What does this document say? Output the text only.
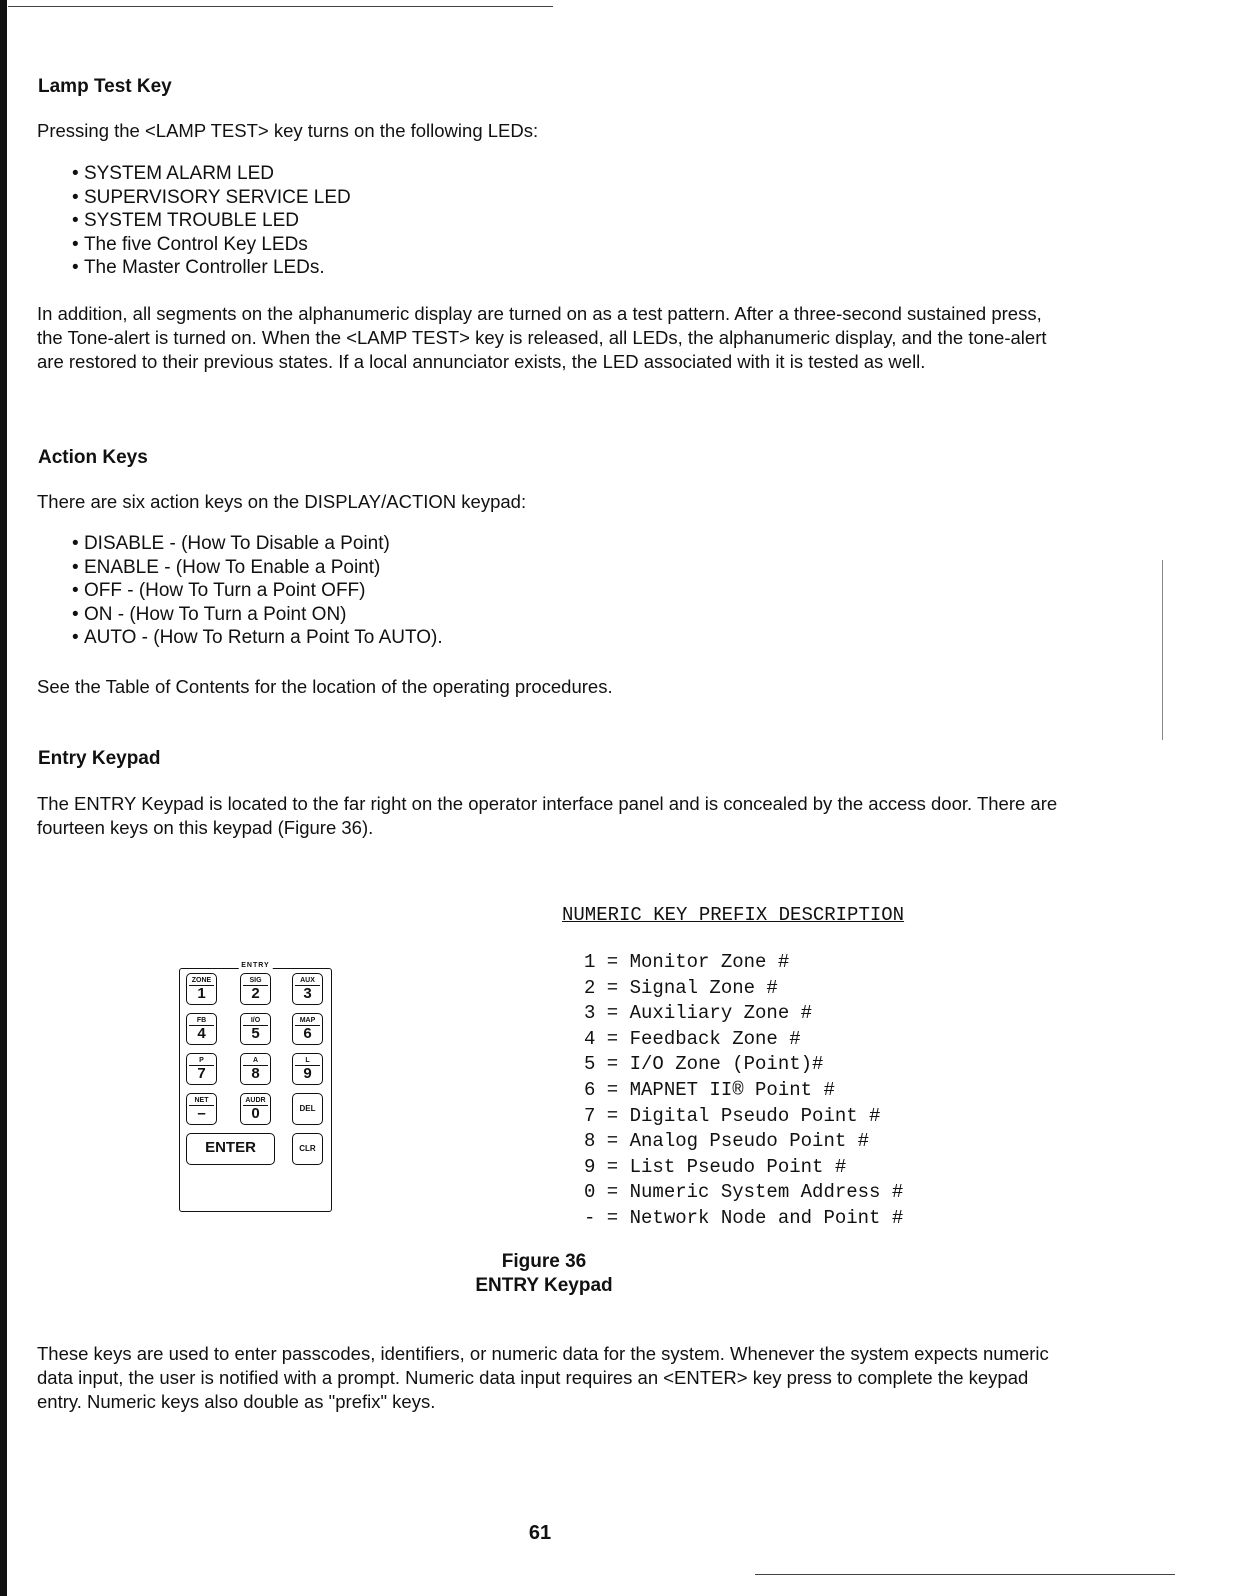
Lamp Test Key

Pressing the <LAMP TEST> key turns on the following LEDs:

• SYSTEM ALARM LED
• SUPERVISORY SERVICE LED
• SYSTEM TROUBLE LED
• The five Control Key LEDs
• The Master Controller LEDs.

In addition, all segments on the alphanumeric display are turned on as a test pattern. After a three-second sustained press, the Tone-alert is turned on. When the <LAMP TEST> key is released, all LEDs, the alphanumeric display, and the tone-alert are restored to their previous states. If a local annunciator exists, the LED associated with it is tested as well.

Action Keys

There are six action keys on the DISPLAY/ACTION keypad:

• DISABLE - (How To Disable a Point)
• ENABLE - (How To Enable a Point)
• OFF - (How To Turn a Point OFF)
• ON - (How To Turn a Point ON)
• AUTO - (How To Return a Point To AUTO).

See the Table of Contents for the location of the operating procedures.

Entry Keypad

The ENTRY Keypad is located to the far right on the operator interface panel and is concealed by the access door. There are fourteen keys on this keypad (Figure 36).

ENTRY
ZONE
1
SIG
2
AUX
3
FB
4
I/O
5
MAP
6
P
7
A
8
L
9
NET
–
AUDR
0	DEL
ENTER	CLR
NUMERIC KEY PREFIX DESCRIPTION
1 = Monitor Zone #
2 = Signal Zone #
3 = Auxiliary Zone #
4 = Feedback Zone #
5 = I/O Zone (Point)#
6 = MAPNET II® Point #
7 = Digital Pseudo Point #
8 = Analog Pseudo Point #
9 = List Pseudo Point #
0 = Numeric System Address #
- = Network Node and Point #
Figure 36
ENTRY Keypad

These keys are used to enter passcodes, identifiers, or numeric data for the system. Whenever the system expects numeric data input, the user is notified with a prompt. Numeric data input requires an <ENTER> key press to complete the keypad entry. Numeric keys also double as "prefix" keys.

61
